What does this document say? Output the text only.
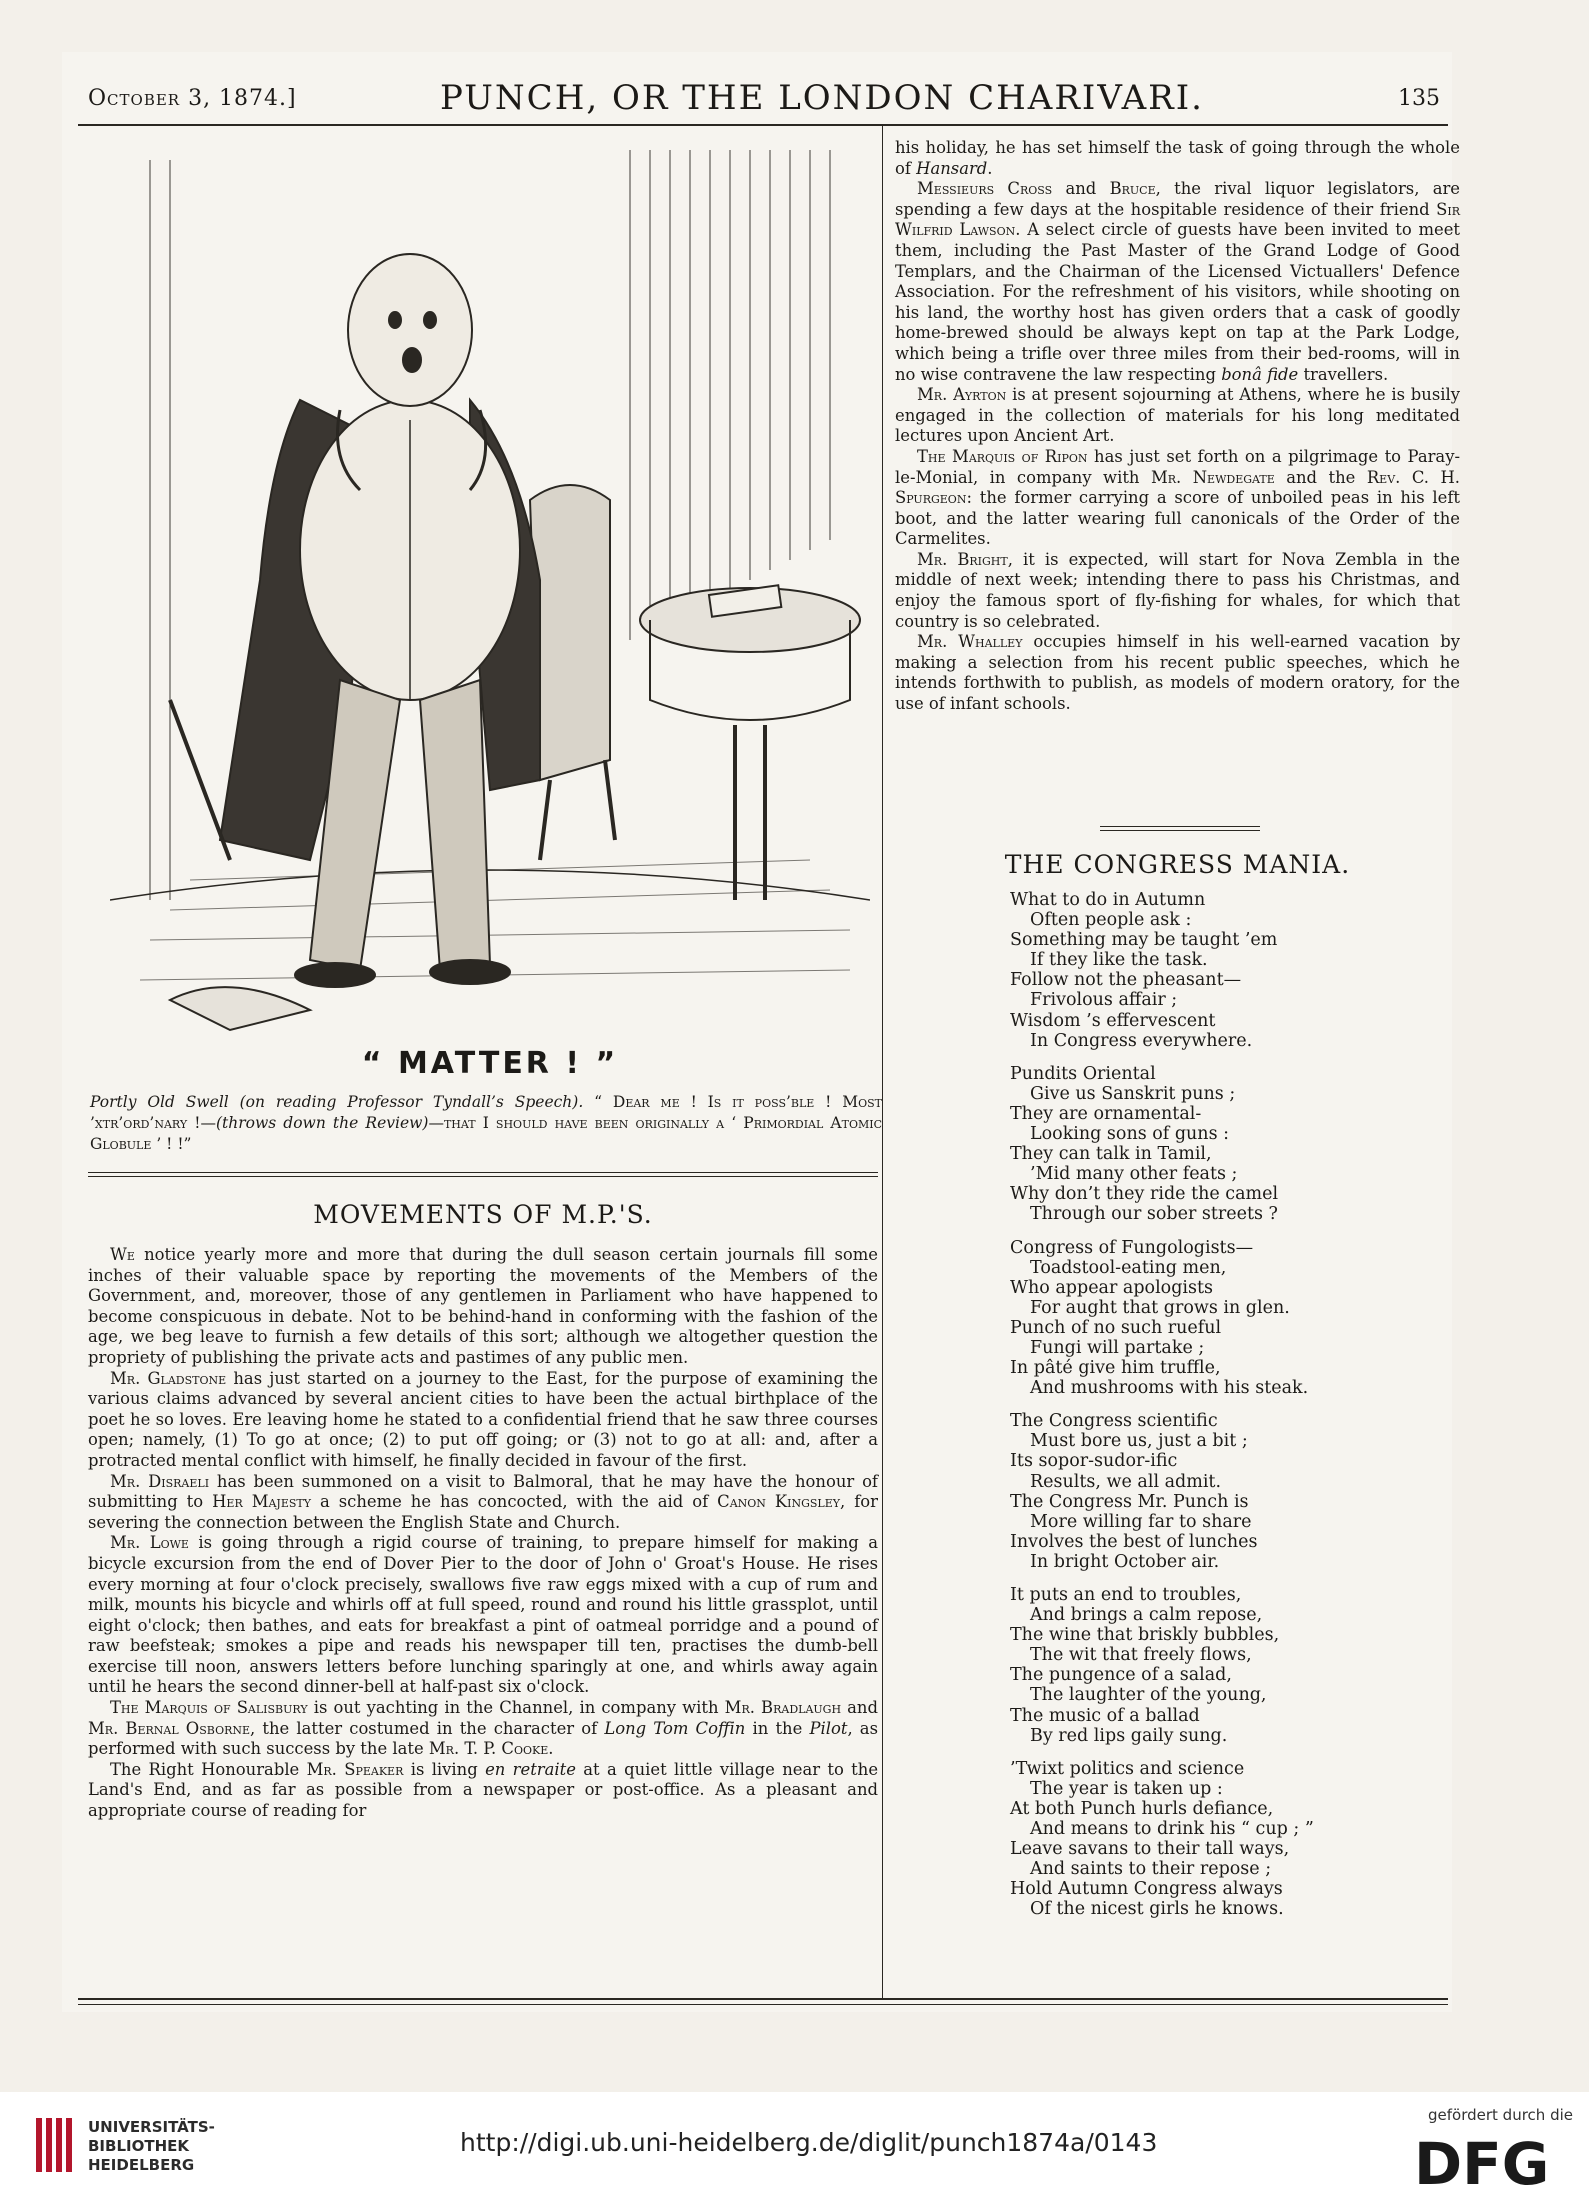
October 3, 1874.]	PUNCH, OR THE LONDON CHARIVARI.	135
“ MATTER ! ”
Portly Old Swell (on reading Professor Tyndall’s Speech). “ Dear me ! Is it poss’ble ! Most ’xtr’ord’nary !—(throws down the Review)—that I should have been originally a ‘ Primordial Atomic Globule ’ ! !”
MOVEMENTS OF M.P.'S.

We notice yearly more and more that during the dull season certain journals fill some inches of their valuable space by reporting the movements of the Members of the Government, and, moreover, those of any gentlemen in Parliament who have happened to become conspicuous in debate. Not to be behind-hand in conforming with the fashion of the age, we beg leave to furnish a few details of this sort; although we altogether question the propriety of publishing the private acts and pastimes of any public men.

Mr. Gladstone has just started on a journey to the East, for the purpose of examining the various claims advanced by several ancient cities to have been the actual birthplace of the poet he so loves. Ere leaving home he stated to a confidential friend that he saw three courses open; namely, (1) To go at once; (2) to put off going; or (3) not to go at all: and, after a protracted mental conflict with himself, he finally decided in favour of the first.

Mr. Disraeli has been summoned on a visit to Balmoral, that he may have the honour of submitting to Her Majesty a scheme he has concocted, with the aid of Canon Kingsley, for severing the connection between the English State and Church.

Mr. Lowe is going through a rigid course of training, to prepare himself for making a bicycle excursion from the end of Dover Pier to the door of John o' Groat's House. He rises every morning at four o'clock precisely, swallows five raw eggs mixed with a cup of rum and milk, mounts his bicycle and whirls off at full speed, round and round his little grassplot, until eight o'clock; then bathes, and eats for breakfast a pint of oatmeal porridge and a pound of raw beefsteak; smokes a pipe and reads his newspaper till ten, practises the dumb-bell exercise till noon, answers letters before lunching sparingly at one, and whirls away again until he hears the second dinner-bell at half-past six o'clock.

The Marquis of Salisbury is out yachting in the Channel, in company with Mr. Bradlaugh and Mr. Bernal Osborne, the latter costumed in the character of Long Tom Coffin in the Pilot, as performed with such success by the late Mr. T. P. Cooke.

The Right Honourable Mr. Speaker is living en retraite at a quiet little village near to the Land's End, and as far as possible from a newspaper or post-office. As a pleasant and appropriate course of reading for

his holiday, he has set himself the task of going through the whole of Hansard.

Messieurs Cross and Bruce, the rival liquor legislators, are spending a few days at the hospitable residence of their friend Sir Wilfrid Lawson. A select circle of guests have been invited to meet them, including the Past Master of the Grand Lodge of Good Templars, and the Chairman of the Licensed Victuallers' Defence Association. For the refreshment of his visitors, while shooting on his land, the worthy host has given orders that a cask of goodly home-brewed should be always kept on tap at the Park Lodge, which being a trifle over three miles from their bed-rooms, will in no wise contravene the law respecting bonâ fide travellers.

Mr. Ayrton is at present sojourning at Athens, where he is busily engaged in the collection of materials for his long meditated lectures upon Ancient Art.

The Marquis of Ripon has just set forth on a pilgrimage to Paray-le-Monial, in company with Mr. Newdegate and the Rev. C. H. Spurgeon: the former carrying a score of unboiled peas in his left boot, and the latter wearing full canonicals of the Order of the Carmelites.

Mr. Bright, it is expected, will start for Nova Zembla in the middle of next week; intending there to pass his Christmas, and enjoy the famous sport of fly-fishing for whales, for which that country is so celebrated.

Mr. Whalley occupies himself in his well-earned vacation by making a selection from his recent public speeches, which he intends forthwith to publish, as models of modern oratory, for the use of infant schools.

THE CONGRESS MANIA.
What to do in Autumn
Often people ask :
Something may be taught ’em
If they like the task.
Follow not the pheasant—
Frivolous affair ;
Wisdom ’s effervescent
In Congress everywhere.
Pundits Oriental
Give us Sanskrit puns ;
They are ornamental-
Looking sons of guns :
They can talk in Tamil,
’Mid many other feats ;
Why don’t they ride the camel
Through our sober streets ?
Congress of Fungologists—
Toadstool-eating men,
Who appear apologists
For aught that grows in glen.
Punch of no such rueful
Fungi will partake ;
In pâté give him truffle,
And mushrooms with his steak.
The Congress scientific
Must bore us, just a bit ;
Its sopor-sudor-ific
Results, we all admit.
The Congress Mr. Punch is
More willing far to share
Involves the best of lunches
In bright October air.
It puts an end to troubles,
And brings a calm repose,
The wine that briskly bubbles,
The wit that freely flows,
The pungence of a salad,
The laughter of the young,
The music of a ballad
By red lips gaily sung.
’Twixt politics and science
The year is taken up :
At both Punch hurls defiance,
And means to drink his “ cup ; ”
Leave savans to their tall ways,
And saints to their repose ;
Hold Autumn Congress always
Of the nicest girls he knows.
UNIVERSITÄTS-
BIBLIOTHEK
HEIDELBERG
http://digi.ub.uni-heidelberg.de/diglit/punch1874a/0143
gefördert durch die
DFG
